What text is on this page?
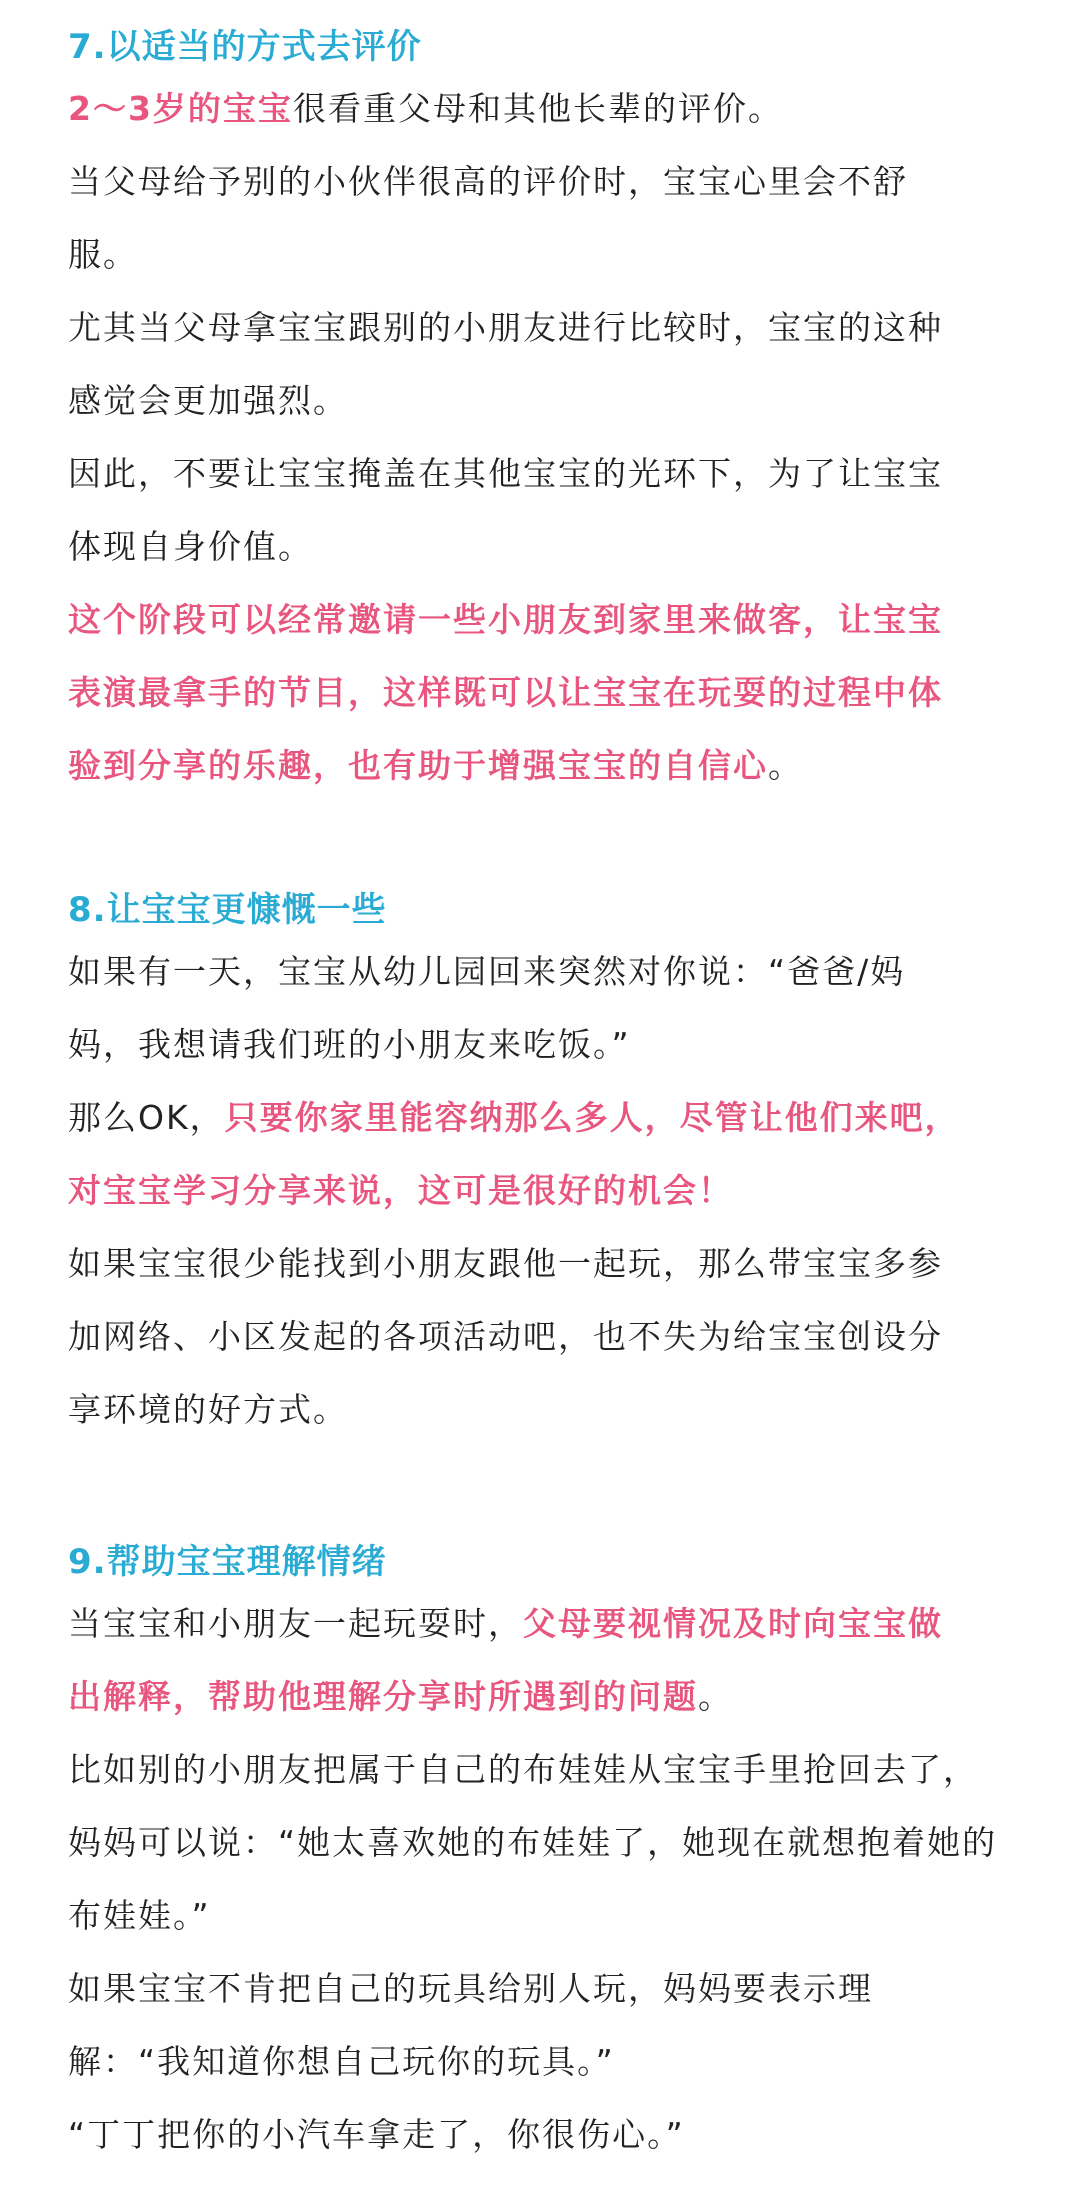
7.以适当的方式去评价

2～3岁的宝宝很看重父母和其他长辈的评价。

当父母给予别的小伙伴很高的评价时，宝宝心里会不舒服。

尤其当父母拿宝宝跟别的小朋友进行比较时，宝宝的这种感觉会更加强烈。

因此，不要让宝宝掩盖在其他宝宝的光环下，为了让宝宝体现自身价值。

这个阶段可以经常邀请一些小朋友到家里来做客，让宝宝表演最拿手的节目，这样既可以让宝宝在玩耍的过程中体验到分享的乐趣，也有助于增强宝宝的自信心。

8.让宝宝更慷慨一些

如果有一天，宝宝从幼儿园回来突然对你说：“爸爸/妈妈，我想请我们班的小朋友来吃饭。”

那么OK，只要你家里能容纳那么多人，尽管让他们来吧，对宝宝学习分享来说，这可是很好的机会！

如果宝宝很少能找到小朋友跟他一起玩，那么带宝宝多参加网络、小区发起的各项活动吧，也不失为给宝宝创设分享环境的好方式。

9.帮助宝宝理解情绪

当宝宝和小朋友一起玩耍时，父母要视情况及时向宝宝做出解释，帮助他理解分享时所遇到的问题。

比如别的小朋友把属于自己的布娃娃从宝宝手里抢回去了，妈妈可以说：“她太喜欢她的布娃娃了，她现在就想抱着她的布娃娃。”

如果宝宝不肯把自己的玩具给别人玩，妈妈要表示理解：“我知道你想自己玩你的玩具。”

“丁丁把你的小汽车拿走了，你很伤心。”
